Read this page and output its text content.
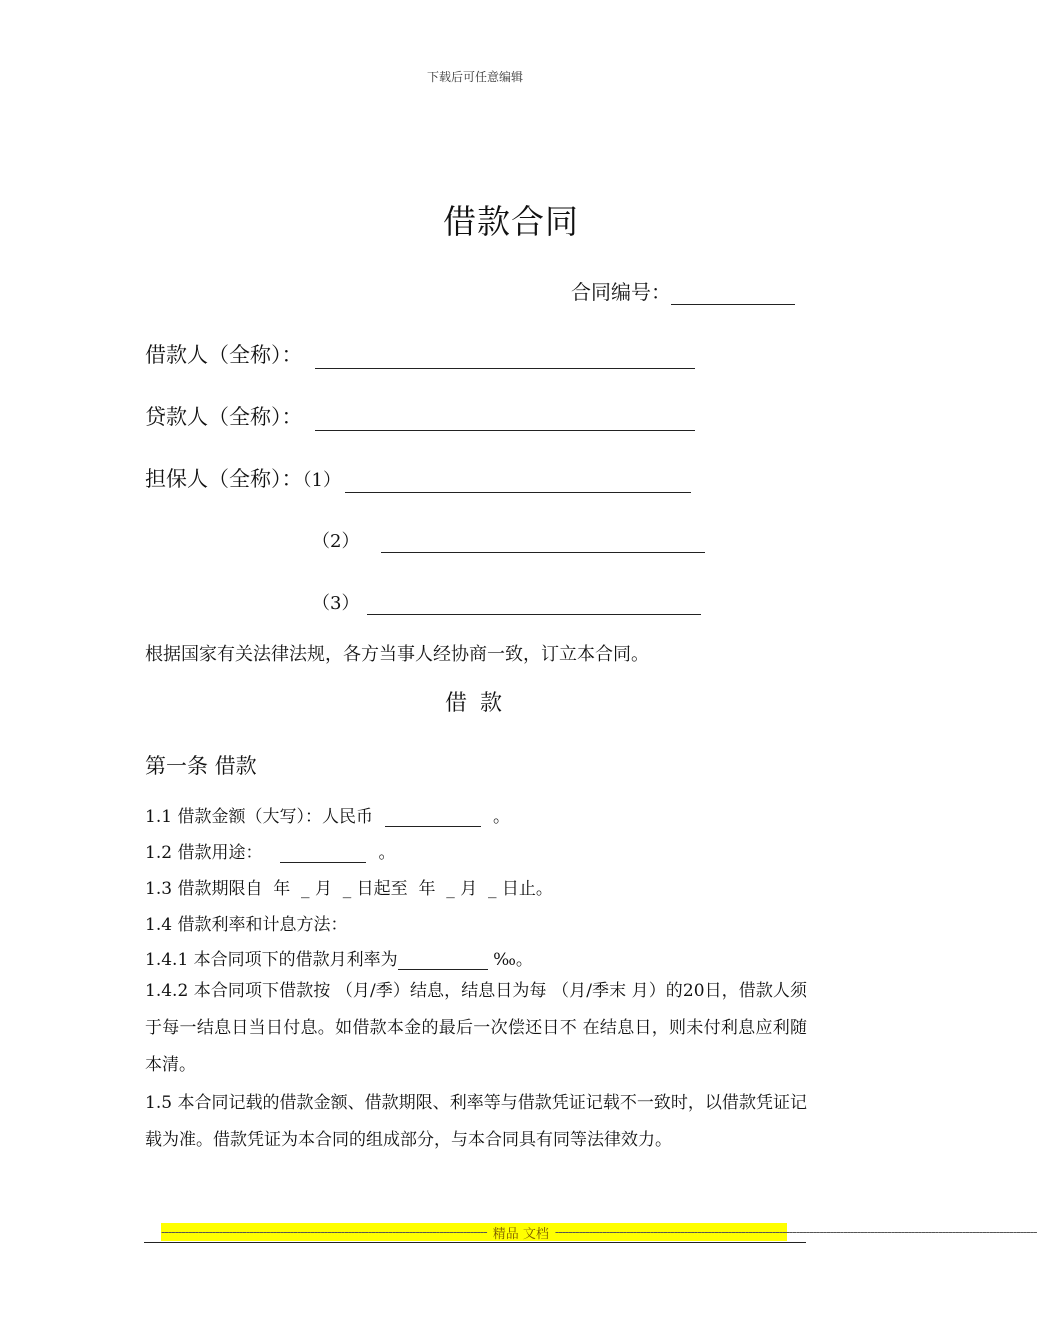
下载后可任意编辑
借款合同
合同编号：
借款人（全称）：
贷款人（全称）：
担保人（全称）：（1）
（2）
（3）
根据国家有关法律法规，各方当事人经协商一致，订立本合同。
借 款
第一条 借款
1.1 借款金额（大写）：人民币	。
1.2 借款用途：	。
1.3 借款期限自  年  _ 月  _ 日起至  年  _ 月  _ 日止。
1.4 借款利率和计息方法：
1.4.1 本合同项下的借款月利率为	‰。
1.4.2 本合同项下借款按 （月/季）结息，结息日为每 （月/季末 月）的20日，借款人须于每一结息日当日付息。如借款本金的最后一次偿还日不 在结息日，则未付利息应利随本清。
1.5 本合同记载的借款金额、借款期限、利率等与借款凭证记载不一致时，以借款凭证记载为准。借款凭证为本合同的组成部分，与本合同具有同等法律效力。
------------------------------------------------------------------------------------------------ 精品 文档 ----------------------------------------------------------------------------------------------------------------------------------------------
